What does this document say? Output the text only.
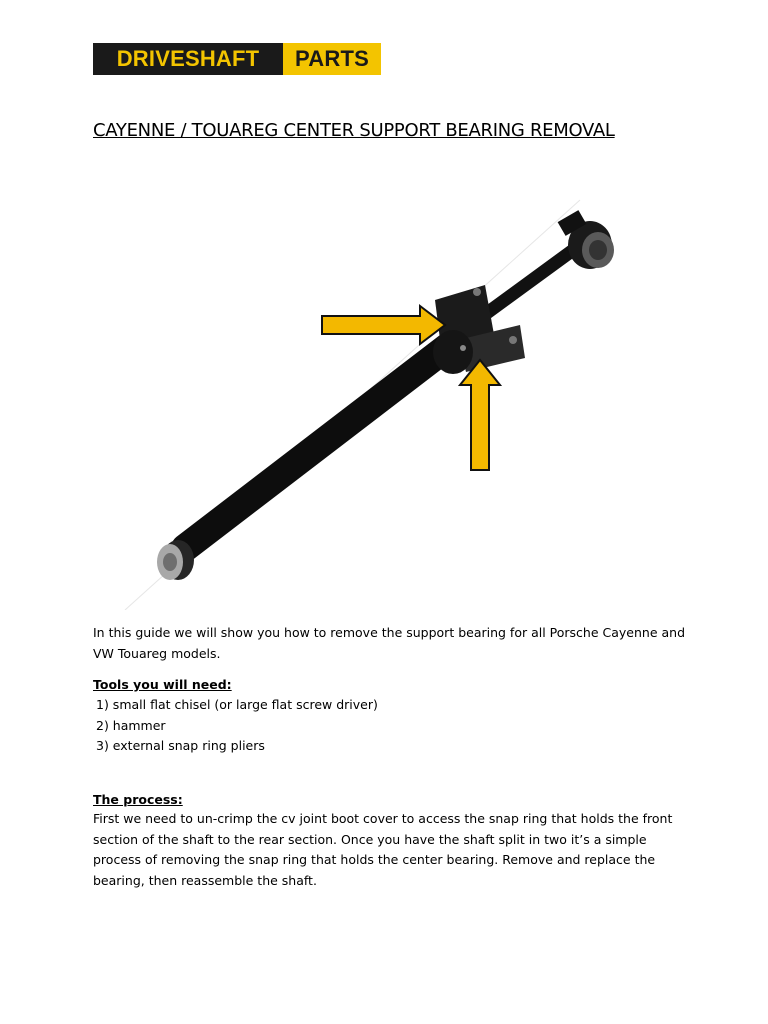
DRIVESHAFT	PARTS
CAYENNE / TOUAREG CENTER SUPPORT BEARING REMOVAL
In this guide we will show you how to remove the support bearing for all Porsche Cayenne and VW Touareg models.
Tools you will need:
1) small flat chisel (or large flat screw driver)
2) hammer
3) external snap ring pliers
The process:
First we need to un-crimp the cv joint boot cover to access the snap ring that holds the front section of the shaft to the rear section. Once you have the shaft split in two it’s a simple process of removing the snap ring that holds the center bearing. Remove and replace the bearing, then reassemble the shaft.
